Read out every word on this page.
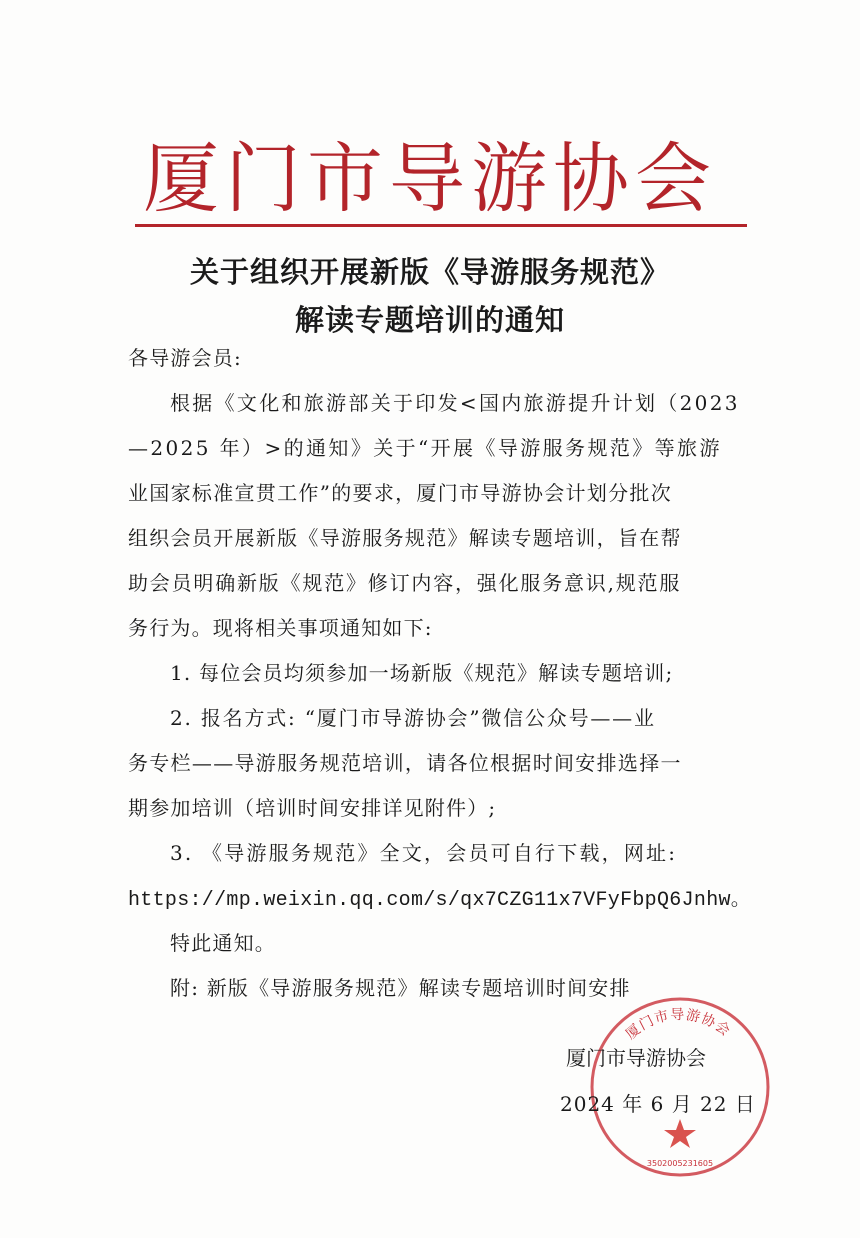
厦门市导游协会
关于组织开展新版《导游服务规范》
解读专题培训的通知
各导游会员:
根据《文化和旅游部关于印发<国内旅游提升计划（2023
—2025 年）>的通知》关于“开展《导游服务规范》等旅游
业国家标准宣贯工作”的要求，厦门市导游协会计划分批次
组织会员开展新版《导游服务规范》解读专题培训，旨在帮
助会员明确新版《规范》修订内容，强化服务意识,规范服
务行为。现将相关事项通知如下:
1. 每位会员均须参加一场新版《规范》解读专题培训;
2. 报名方式: “厦门市导游协会”微信公众号——业
务专栏——导游服务规范培训，请各位根据时间安排选择一
期参加培训（培训时间安排详见附件）;
3. 《导游服务规范》全文，会员可自行下载，网址:
https://mp.weixin.qq.com/s/qx7CZG11x7VFyFbpQ6Jnhw。
特此通知。
附: 新版《导游服务规范》解读专题培训时间安排
厦门市导游协会
2024 年 6 月 22 日
厦门市导游协会
3502005231605
